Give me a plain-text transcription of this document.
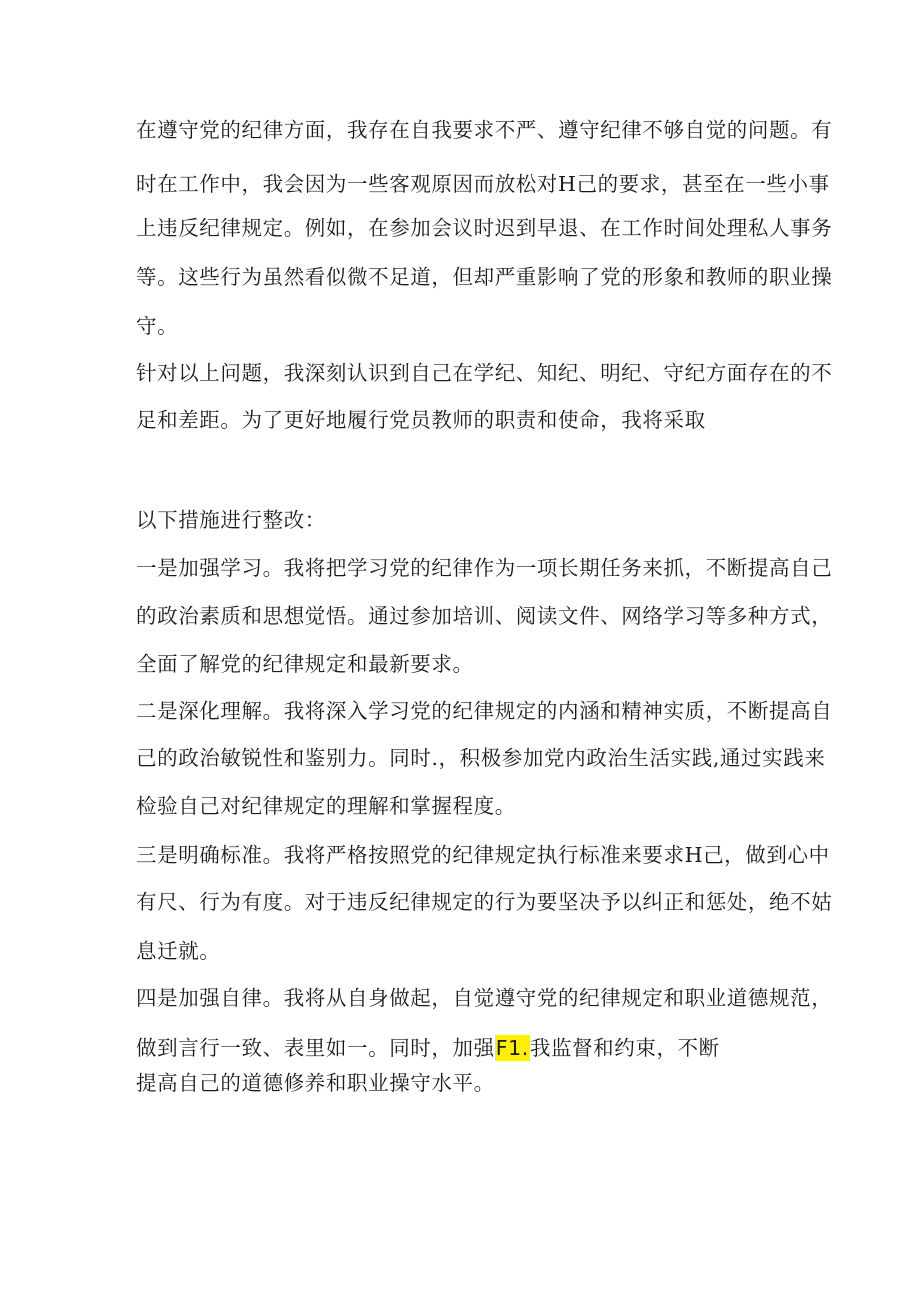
在遵守党的纪律方面，我存在自我要求不严、遵守纪律不够自觉的问题。有
时在工作中，我会因为一些客观原因而放松对H己的要求，甚至在一些小事
上违反纪律规定。例如，在参加会议时迟到早退、在工作时间处理私人事务
等。这些行为虽然看似微不足道，但却严重影响了党的形象和教师的职业操
守。
针对以上问题，我深刻认识到自己在学纪、知纪、明纪、守纪方面存在的不
足和差距。为了更好地履行党员教师的职责和使命，我将采取
以下措施进行整改：
一是加强学习。我将把学习党的纪律作为一项长期任务来抓，不断提高自己
的政治素质和思想觉悟。通过参加培训、阅读文件、网络学习等多种方式，
全面了解党的纪律规定和最新要求。
二是深化理解。我将深入学习党的纪律规定的内涵和精神实质，不断提高自
己的政治敏锐性和鉴别力。同时.，积极参加党内政治生活实践,通过实践来
检验自己对纪律规定的理解和掌握程度。
三是明确标准。我将严格按照党的纪律规定执行标准来要求H己，做到心中
有尺、行为有度。对于违反纪律规定的行为要坚决予以纠正和惩处，绝不姑
息迁就。
四是加强自律。我将从自身做起，自觉遵守党的纪律规定和职业道德规范，
做到言行一致、表里如一。同时，加强F1.我监督和约束，不断
提高自己的道德修养和职业操守水平。
